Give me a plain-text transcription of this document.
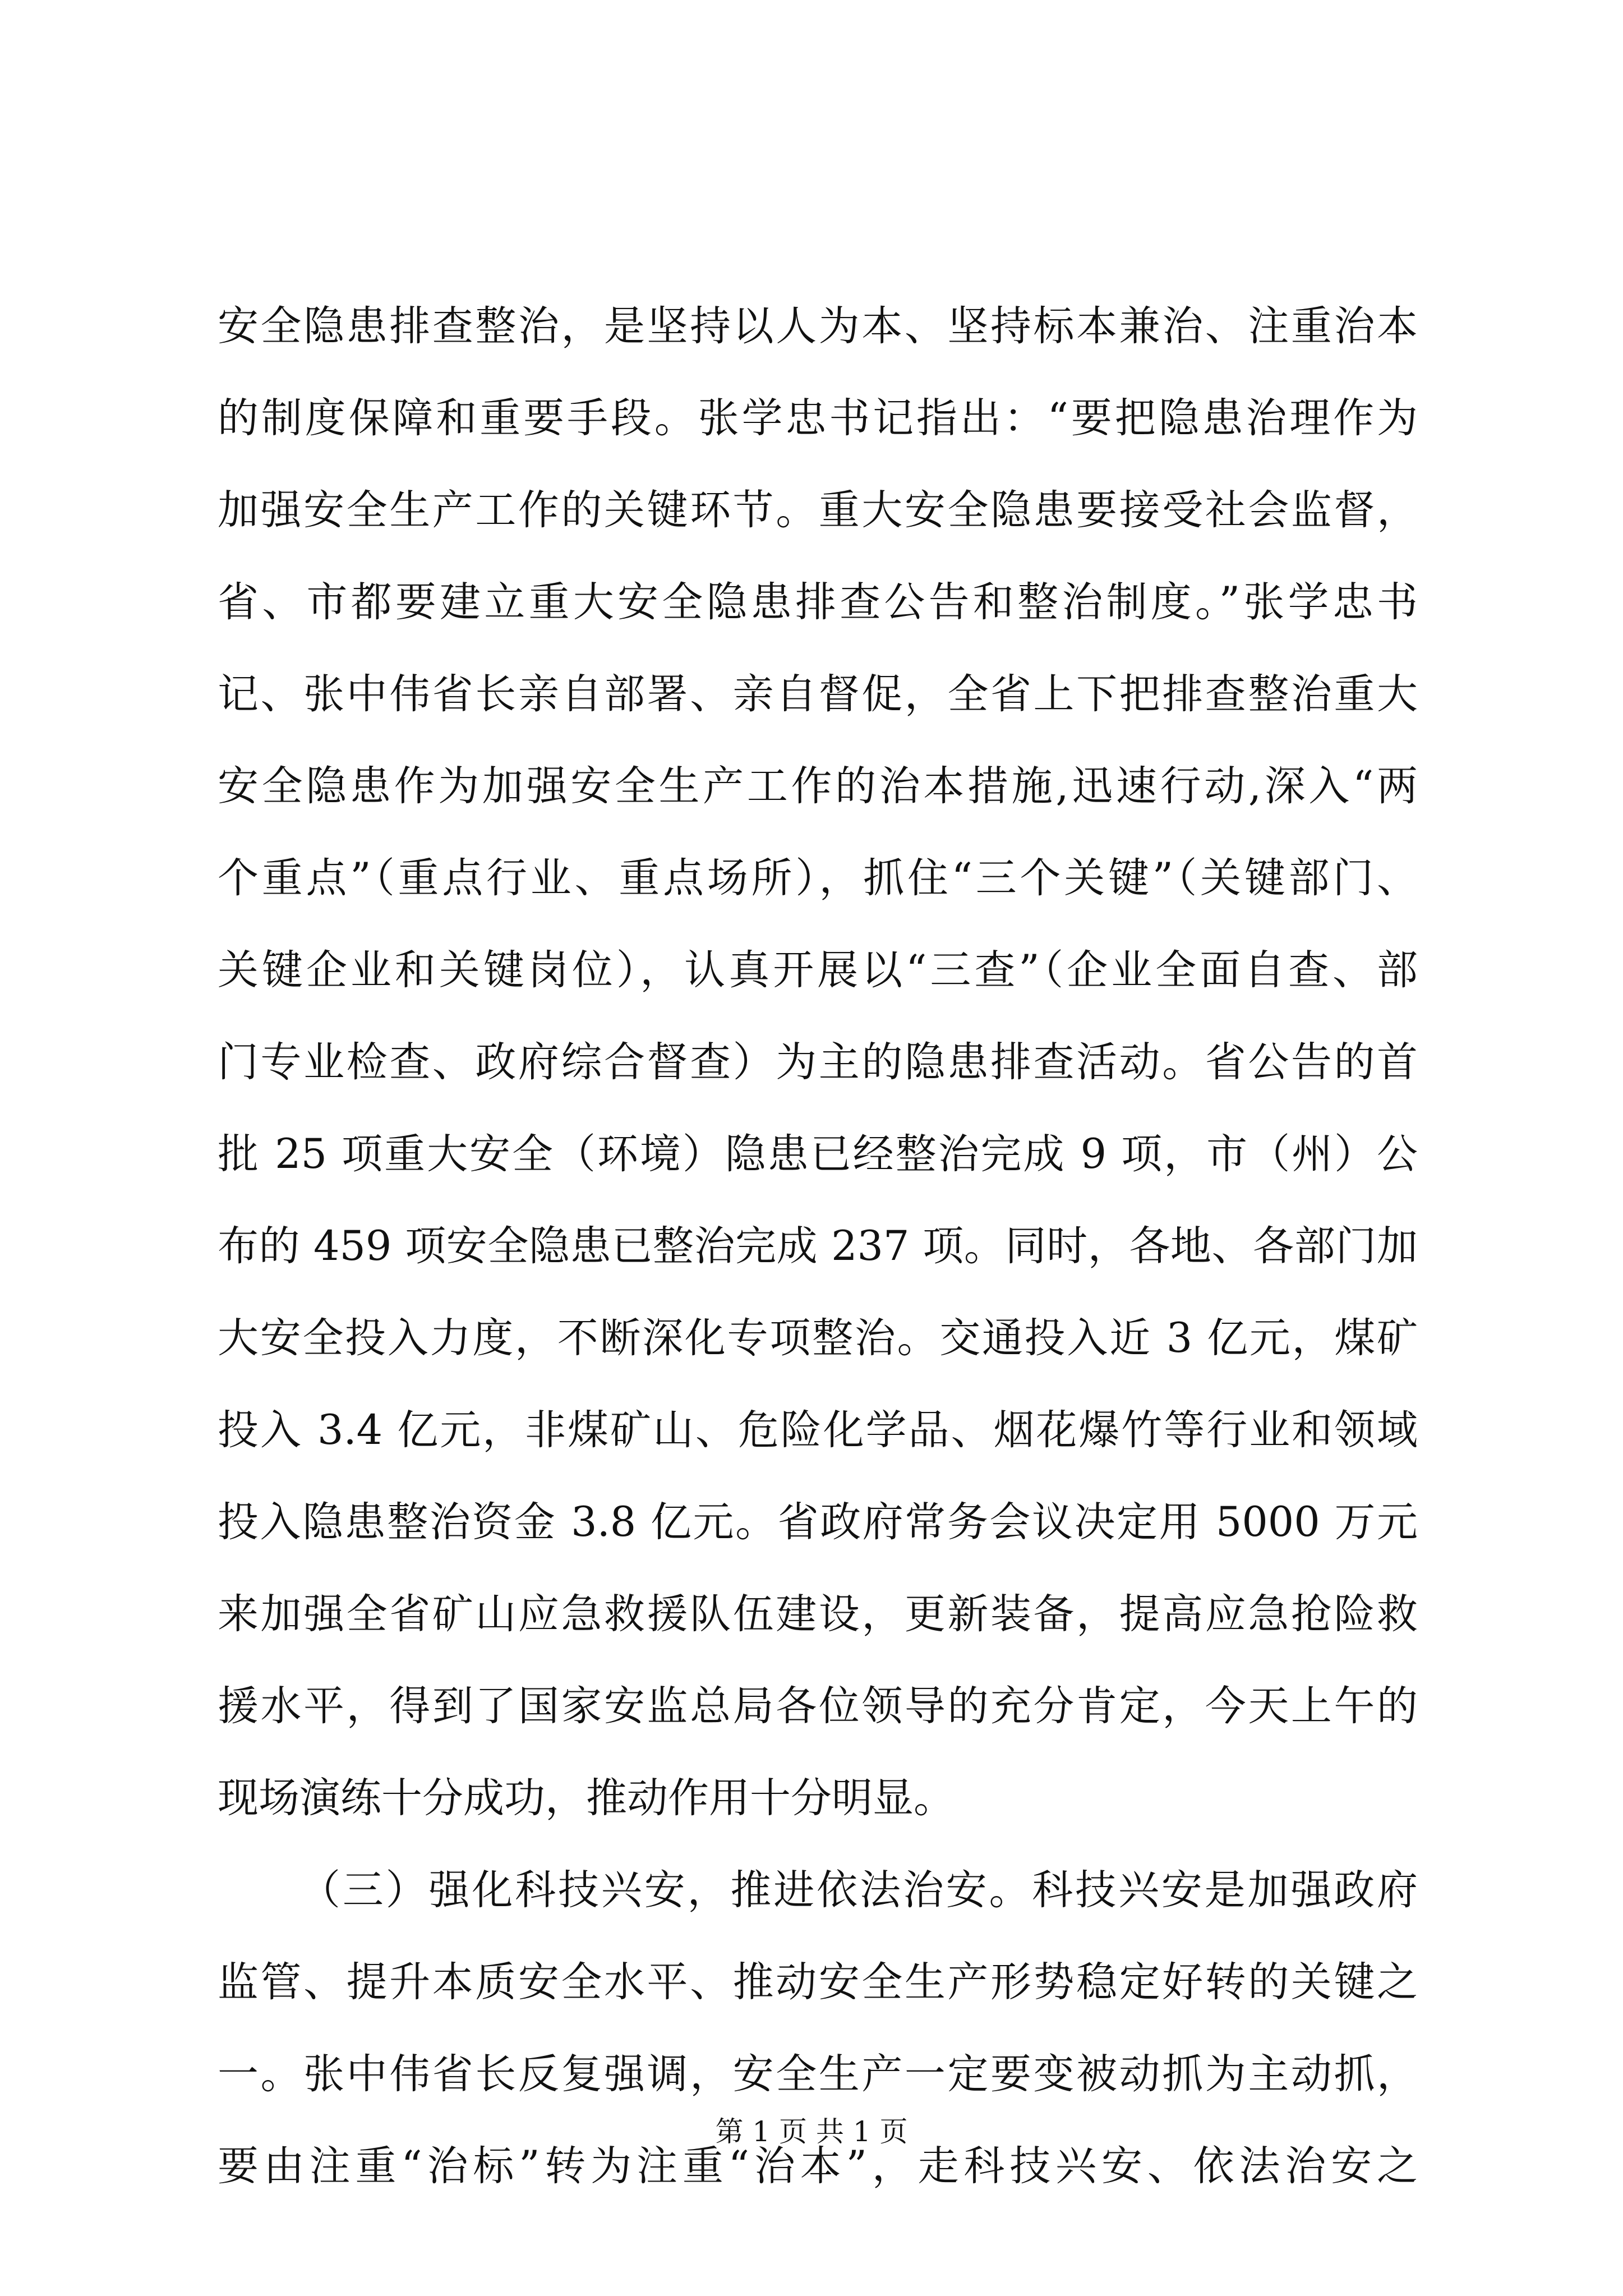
安全隐患排查整治，是坚持以人为本、坚持标本兼治、注重治本
的制度保障和重要手段。张学忠书记指出：“要把隐患治理作为
加强安全生产工作的关键环节。重大安全隐患要接受社会监督，
省、市都要建立重大安全隐患排查公告和整治制度。”张学忠书
记、张中伟省长亲自部署、亲自督促，全省上下把排查整治重大
安全隐患作为加强安全生产工作的治本措施,迅速行动,深入“两
个重点”（重点行业、重点场所），抓住“三个关键”（关键部门、
关键企业和关键岗位），认真开展以“三查”（企业全面自查、部
门专业检查、政府综合督查）为主的隐患排查活动。省公告的首
批 25 项重大安全（环境）隐患已经整治完成 9 项，市（州）公
布的 459 项安全隐患已整治完成 237 项。同时，各地、各部门加
大安全投入力度，不断深化专项整治。交通投入近 3 亿元，煤矿
投入 3.4 亿元，非煤矿山、危险化学品、烟花爆竹等行业和领域
投入隐患整治资金 3.8 亿元。省政府常务会议决定用 5000 万元
来加强全省矿山应急救援队伍建设，更新装备，提高应急抢险救
援水平，得到了国家安监总局各位领导的充分肯定，今天上午的
现场演练十分成功，推动作用十分明显。
（三）强化科技兴安，推进依法治安。科技兴安是加强政府
监管、提升本质安全水平、推动安全生产形势稳定好转的关键之
一。张中伟省长反复强调，安全生产一定要变被动抓为主动抓，
要由注重“治标”转为注重“治本”，走科技兴安、依法治安之
第 1 页 共 1 页
